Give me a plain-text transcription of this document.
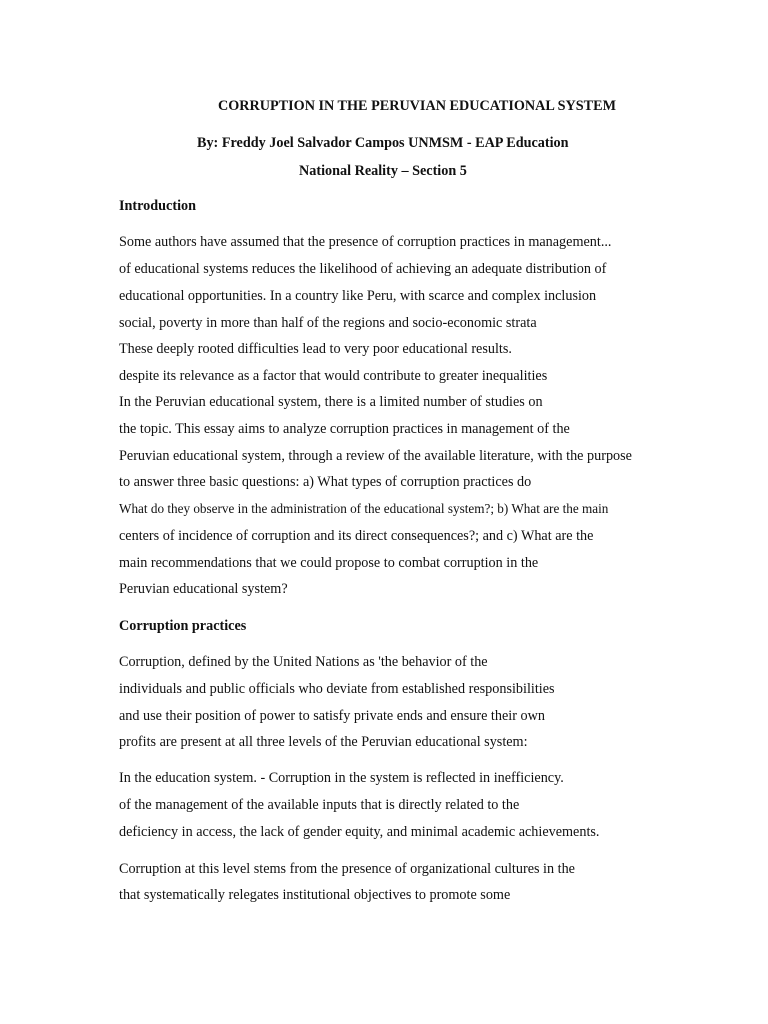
CORRUPTION IN THE PERUVIAN EDUCATIONAL SYSTEM
By: Freddy Joel Salvador Campos UNMSM - EAP Education
National Reality – Section 5
Introduction
Some authors have assumed that the presence of corruption practices in management...
of educational systems reduces the likelihood of achieving an adequate distribution of
educational opportunities. In a country like Peru, with scarce and complex inclusion
social, poverty in more than half of the regions and socio-economic strata
These deeply rooted difficulties lead to very poor educational results.
despite its relevance as a factor that would contribute to greater inequalities
In the Peruvian educational system, there is a limited number of studies on
the topic. This essay aims to analyze corruption practices in management of the
Peruvian educational system, through a review of the available literature, with the purpose
to answer three basic questions: a) What types of corruption practices do
What do they observe in the administration of the educational system?; b) What are the main
centers of incidence of corruption and its direct consequences?; and c) What are the
main recommendations that we could propose to combat corruption in the
Peruvian educational system?
Corruption practices
Corruption, defined by the United Nations as 'the behavior of the
individuals and public officials who deviate from established responsibilities
and use their position of power to satisfy private ends and ensure their own
profits are present at all three levels of the Peruvian educational system:
In the education system. - Corruption in the system is reflected in inefficiency.
of the management of the available inputs that is directly related to the
deficiency in access, the lack of gender equity, and minimal academic achievements.
Corruption at this level stems from the presence of organizational cultures in the
that systematically relegates institutional objectives to promote some
